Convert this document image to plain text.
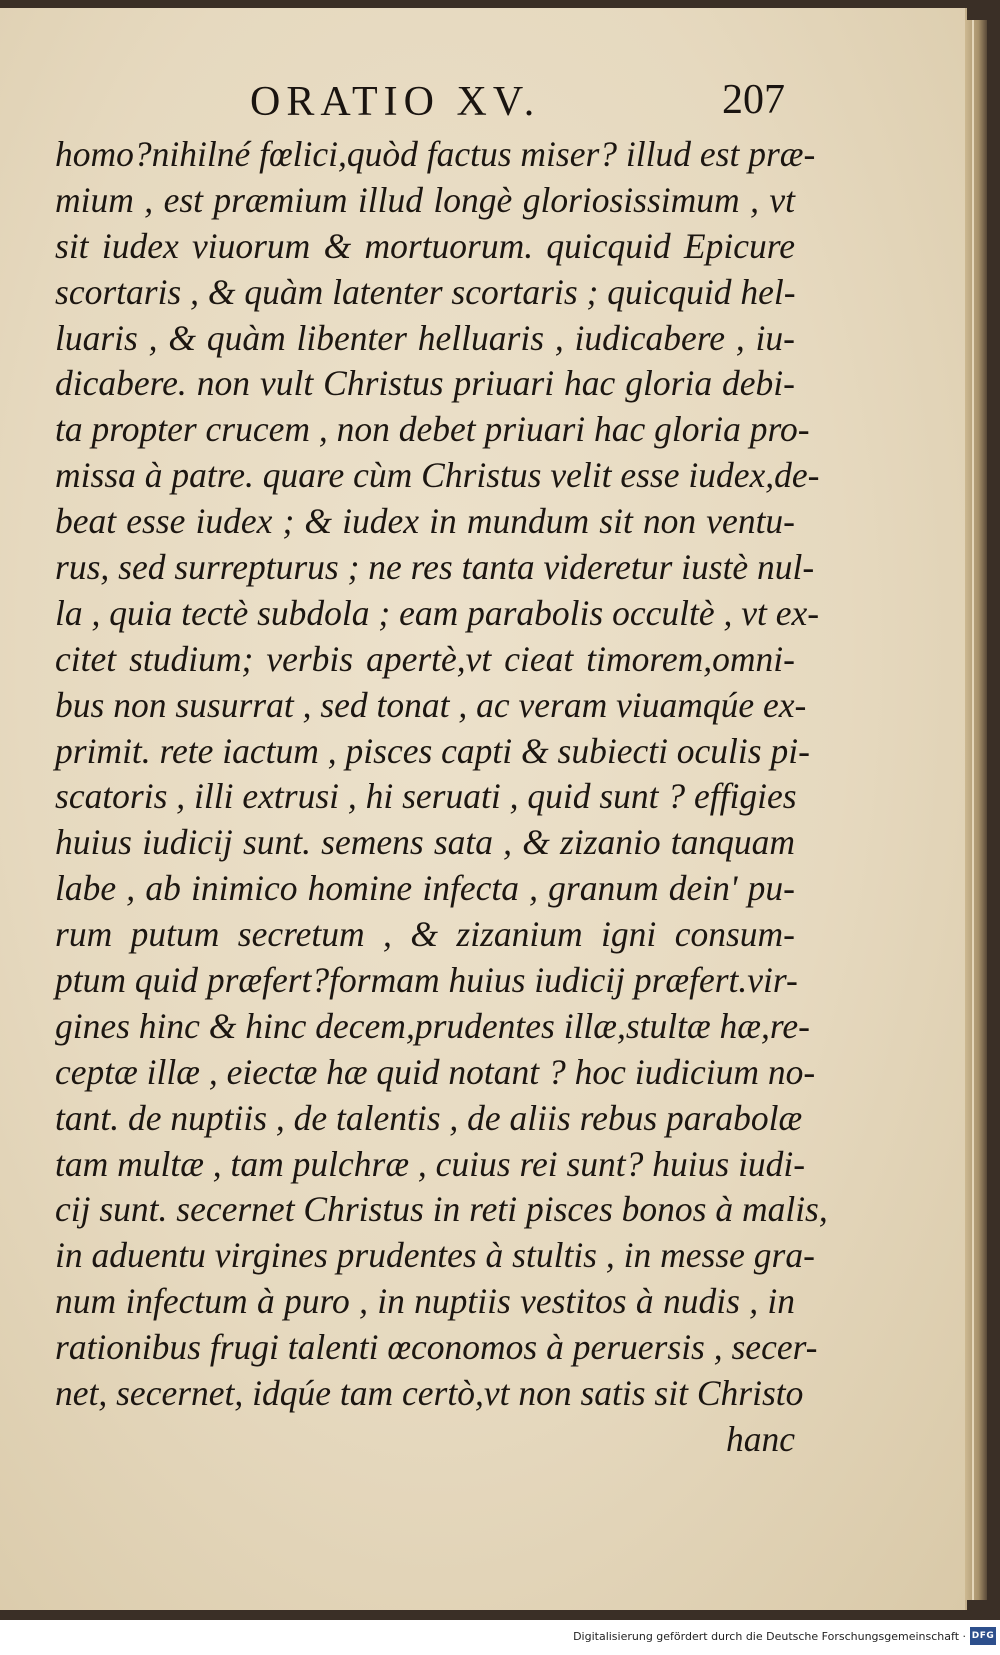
ORATIO XV.	207
homo?nihilné fœlici,quòd factus miser? illud est præ-
mium , est præmium illud longè gloriosissimum , vt
sit iudex viuorum & mortuorum. quicquid Epicure
scortaris , & quàm latenter scortaris ; quicquid hel-
luaris , & quàm libenter helluaris , iudicabere , iu-
dicabere. non vult Christus priuari hac gloria debi-
ta propter crucem , non debet priuari hac gloria pro-
missa à patre. quare cùm Christus velit esse iudex,de-
beat esse iudex ; & iudex in mundum sit non ventu-
rus, sed surrepturus ; ne res tanta videretur iustè nul-
la , quia tectè subdola ; eam parabolis occultè , vt ex-
citet studium; verbis apertè,vt cieat timorem,omni-
bus non susurrat , sed tonat , ac veram viuamqúe ex-
primit. rete iactum , pisces capti & subiecti oculis pi-
scatoris , illi extrusi , hi seruati , quid sunt ? effigies
huius iudicij sunt. semens sata , & zizanio tanquam
labe , ab inimico homine infecta , granum dein' pu-
rum putum secretum , & zizanium igni consum-
ptum quid præfert?formam huius iudicij præfert.vir-
gines hinc & hinc decem,prudentes illæ,stultæ hæ,re-
ceptæ illæ , eiectæ hæ quid notant ? hoc iudicium no-
tant. de nuptiis , de talentis , de aliis rebus parabolæ
tam multæ , tam pulchræ , cuius rei sunt? huius iudi-
cij sunt. secernet Christus in reti pisces bonos à malis,
in aduentu virgines prudentes à stultis , in messe gra-
num infectum à puro , in nuptiis vestitos à nudis , in
rationibus frugi talenti œconomos à peruersis , secer-
net, secernet, idqúe tam certò,vt non satis sit Christo
hanc
Digitalisierung gefördert durch die Deutsche Forschungsgemeinschaft · DFG
